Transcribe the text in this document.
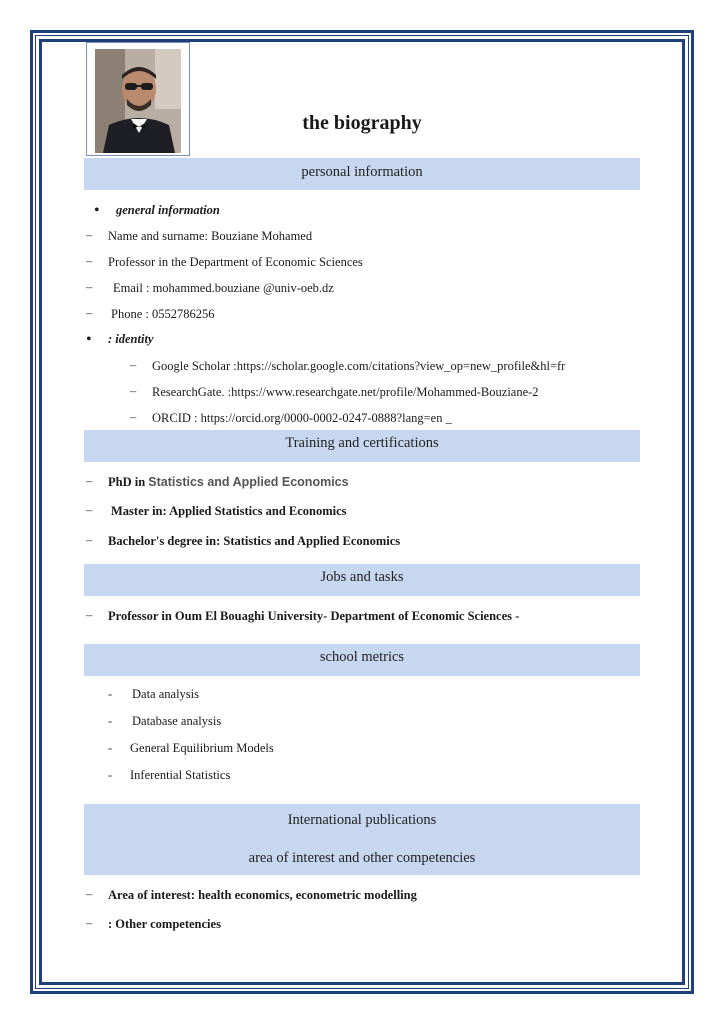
the biography
personal information
• general information
– Name and surname: Bouziane Mohamed
– Professor in the Department of Economic Sciences
– Email : mohammed.bouziane @univ-oeb.dz
– Phone : 0552786256
• : identity
– Google Scholar :https://scholar.google.com/citations?view_op=new_profile&hl=fr
– ResearchGate. :https://www.researchgate.net/profile/Mohammed-Bouziane-2
– ORCID : https://orcid.org/0000-0002-0247-0888?lang=en _
Training and certifications
– PhD in Statistics and Applied Economics
– Master in: Applied Statistics and Economics
– Bachelor's degree in: Statistics and Applied Economics
Jobs and tasks
– Professor in Oum El Bouaghi University- Department of Economic Sciences -
school metrics
- Data analysis
- Database analysis
- General Equilibrium Models
- Inferential Statistics
International publications
area of interest and other competencies
– Area of interest: health economics, econometric modelling
– : Other competencies
